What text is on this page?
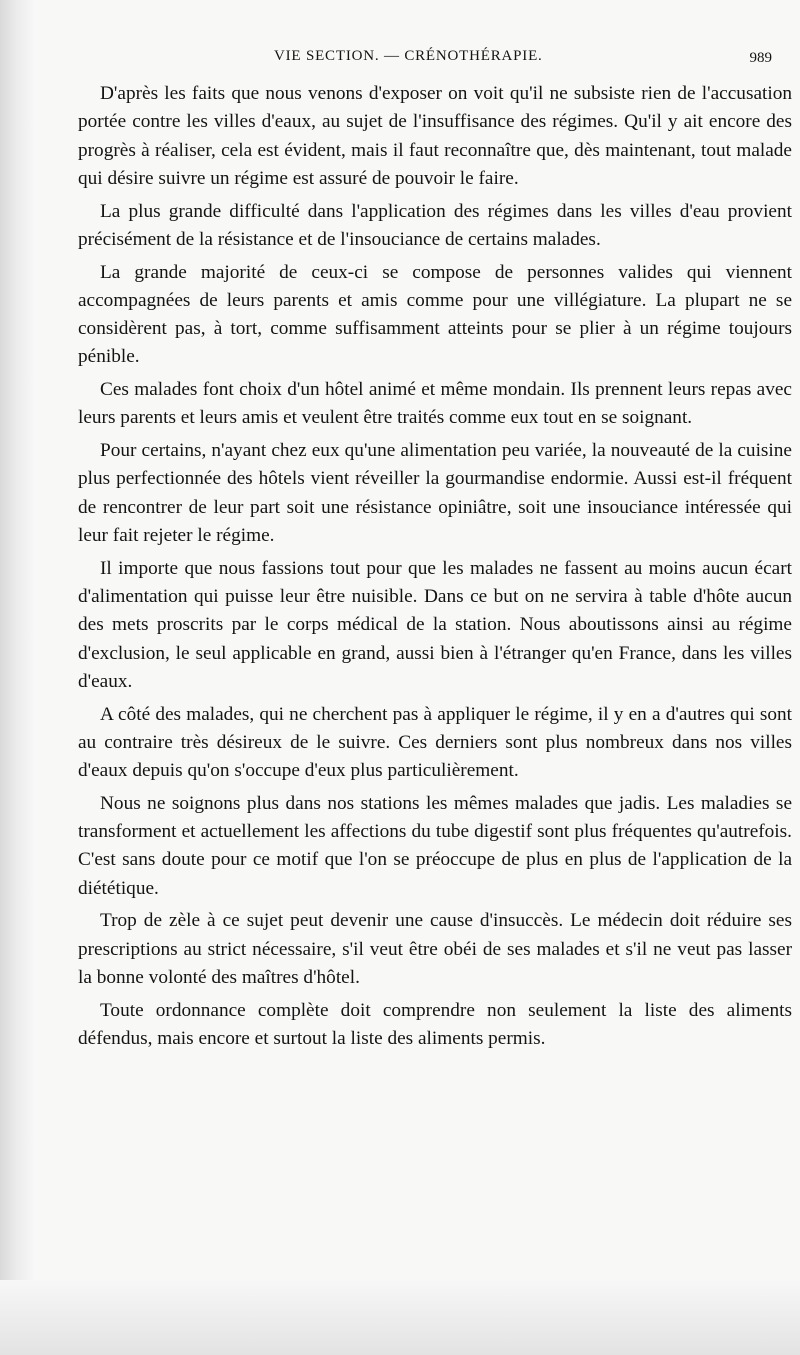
VIE SECTION. — CRÉNOTHÉRAPIE.	989

D'après les faits que nous venons d'exposer on voit qu'il ne subsiste rien de l'accusation portée contre les villes d'eaux, au sujet de l'insuffisance des régimes. Qu'il y ait encore des progrès à réaliser, cela est évident, mais il faut reconnaître que, dès maintenant, tout malade qui désire suivre un régime est assuré de pouvoir le faire.

La plus grande difficulté dans l'application des régimes dans les villes d'eau provient précisément de la résistance et de l'insouciance de certains malades.

La grande majorité de ceux-ci se compose de personnes valides qui viennent accompagnées de leurs parents et amis comme pour une villégiature. La plupart ne se considèrent pas, à tort, comme suffisamment atteints pour se plier à un régime toujours pénible.

Ces malades font choix d'un hôtel animé et même mondain. Ils prennent leurs repas avec leurs parents et leurs amis et veulent être traités comme eux tout en se soignant.

Pour certains, n'ayant chez eux qu'une alimentation peu variée, la nouveauté de la cuisine plus perfectionnée des hôtels vient réveiller la gourmandise endormie. Aussi est-il fréquent de rencontrer de leur part soit une résistance opiniâtre, soit une insouciance intéressée qui leur fait rejeter le régime.

Il importe que nous fassions tout pour que les malades ne fassent au moins aucun écart d'alimentation qui puisse leur être nuisible. Dans ce but on ne servira à table d'hôte aucun des mets proscrits par le corps médical de la station. Nous aboutissons ainsi au régime d'exclusion, le seul applicable en grand, aussi bien à l'étranger qu'en France, dans les villes d'eaux.

A côté des malades, qui ne cherchent pas à appliquer le régime, il y en a d'autres qui sont au contraire très désireux de le suivre. Ces derniers sont plus nombreux dans nos villes d'eaux depuis qu'on s'occupe d'eux plus particulièrement.

Nous ne soignons plus dans nos stations les mêmes malades que jadis. Les maladies se transforment et actuellement les affections du tube digestif sont plus fréquentes qu'autrefois. C'est sans doute pour ce motif que l'on se préoccupe de plus en plus de l'application de la diététique.

Trop de zèle à ce sujet peut devenir une cause d'insuccès. Le médecin doit réduire ses prescriptions au strict nécessaire, s'il veut être obéi de ses malades et s'il ne veut pas lasser la bonne volonté des maîtres d'hôtel.

Toute ordonnance complète doit comprendre non seulement la liste des aliments défendus, mais encore et surtout la liste des aliments permis.
